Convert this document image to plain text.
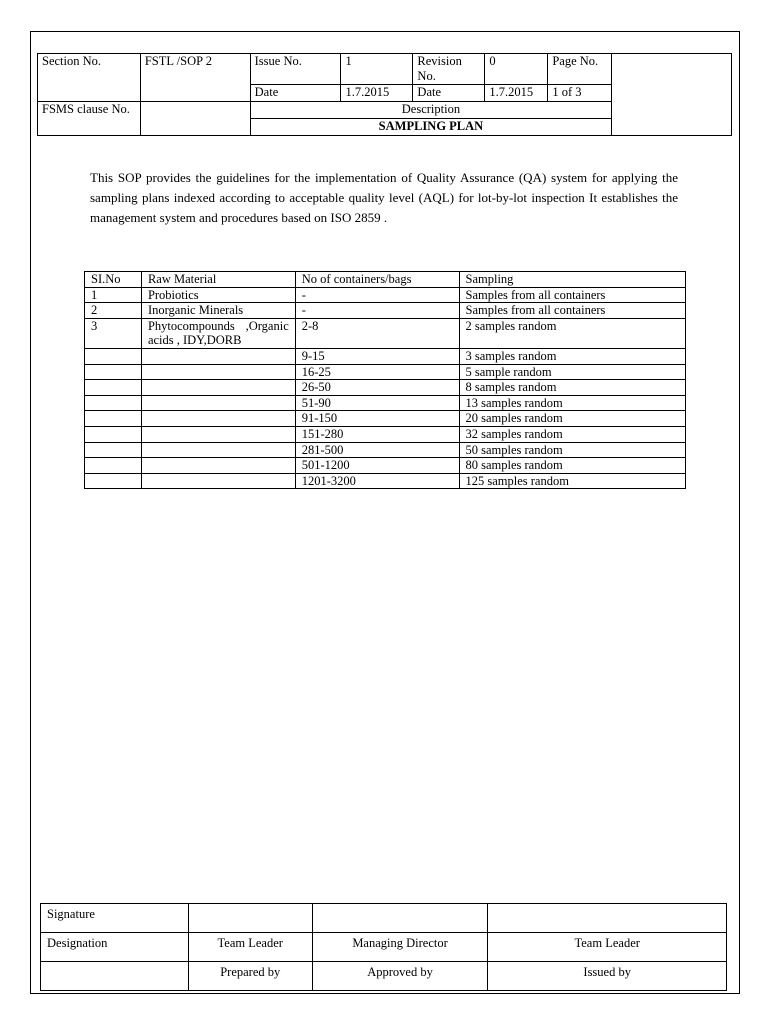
Section No.	FSTL /SOP 2	Issue No.	1	Revision No.	0	Page No.	
		Date	1.7.2015	Date	1.7.2015	1 of 3	
FSMS clause No.		Description					
		SAMPLING PLAN					

This SOP provides the guidelines for the implementation of Quality Assurance (QA) system for applying the sampling plans indexed according to acceptable quality level (AQL) for lot-by-lot inspection It establishes the management system and procedures based on ISO 2859 .

SI.No	Raw Material	No of containers/bags	Sampling
1	Probiotics	-	Samples from all containers
2	Inorganic Minerals	-	Samples from all containers
3	Phytocompounds ,Organic acids , IDY,DORB	2-8	2 samples random
		9-15	3 samples random
		16-25	5 sample random
		26-50	8 samples random
		51-90	13 samples random
		91-150	20 samples random
		151-280	32 samples random
		281-500	50 samples random
		501-1200	80 samples random
		1201-3200	125 samples random
Signature			
Designation	Team Leader	Managing Director	Team Leader
	Prepared by	Approved by	Issued by
